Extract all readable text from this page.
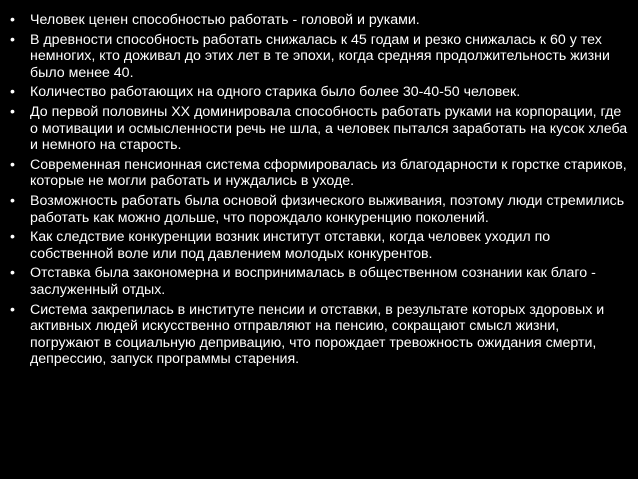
• Человек ценен способностью работать - головой и руками.
• В древности способность работать снижалась к 45 годам и резко снижалась к 60 у тех немногих, кто доживал до этих лет в те эпохи, когда средняя продолжительность жизни было менее 40.
• Количество работающих на одного старика было более 30-40-50 человек.
• До первой половины ХХ доминировала способность работать руками на корпорации, где о мотивации и осмысленности речь не шла, а человек пытался заработать на кусок хлеба и немного на старость.
• Современная пенсионная система сформировалась из благодарности к горстке стариков, которые не могли работать и нуждались в уходе.
• Возможность работать была основой физического выживания, поэтому люди стремились работать как можно дольше, что порождало конкуренцию поколений.
• Как следствие конкуренции возник институт отставки, когда человек уходил по собственной воле или под давлением молодых конкурентов.
• Отставка была закономерна и воспринималась в общественном сознании как благо - заслуженный отдых.
• Система закрепилась в институте пенсии и отставки, в результате которых здоровых и активных людей искусственно отправляют на пенсию, сокращают смысл жизни, погружают в социальную депривацию, что порождает тревожность ожидания смерти, депрессию, запуск программы старения.
